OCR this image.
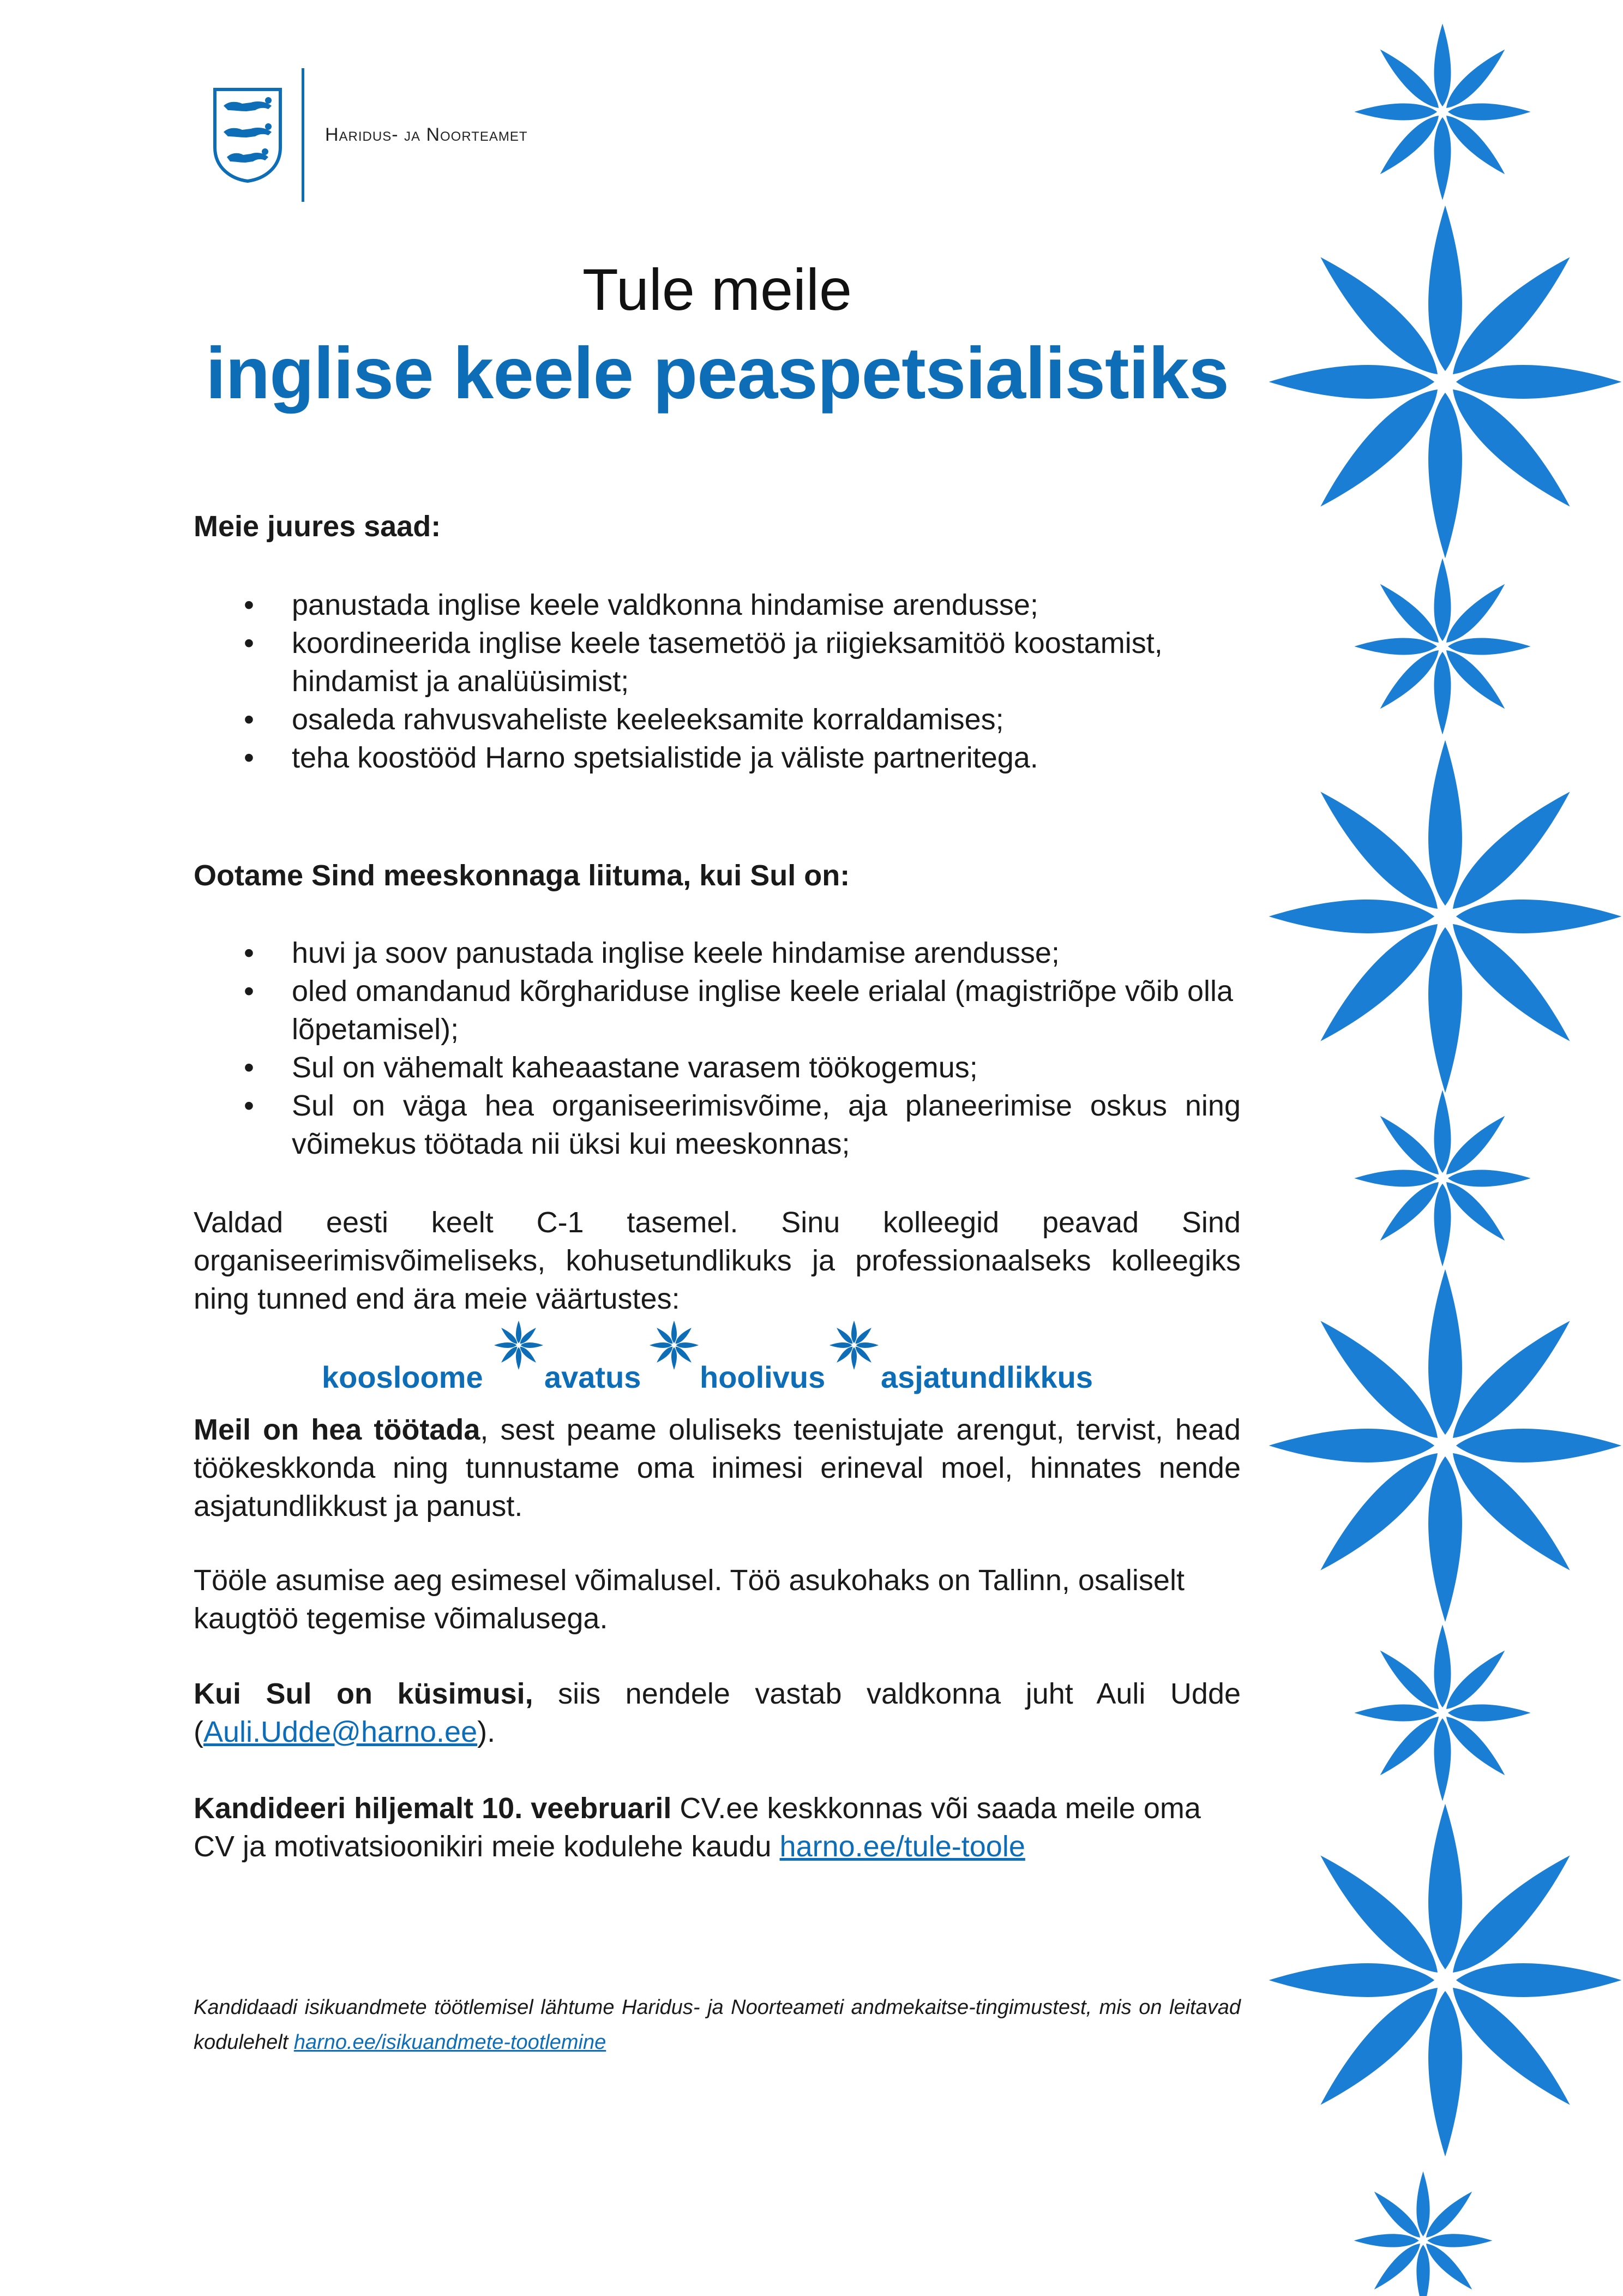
Haridus- ja Noorteamet
Tule meile
inglise keele peaspetsialistiks
Meie juures saad:
• panustada inglise keele valdkonna hindamise arendusse;
• koordineerida inglise keele tasemetöö ja riigieksamitöö koostamist, hindamist ja analüüsimist;
• osaleda rahvusvaheliste keeleeksamite korraldamises;
• teha koostööd Harno spetsialistide ja väliste partneritega.
Ootame Sind meeskonnaga liituma, kui Sul on:
• huvi ja soov panustada inglise keele hindamise arendusse;
• oled omandanud kõrghariduse inglise keele erialal (magistriõpe võib olla lõpetamisel);
• Sul on vähemalt kaheaastane varasem töökogemus;
• Sul on väga hea organiseerimisvõime, aja planeerimise oskus ning võimekus töötada nii üksi kui meeskonnas;
Valdad eesti keelt C-1 tasemel. Sinu kolleegid peavad Sind organiseerimisvõimeliseks, kohusetundlikuks ja professionaalseks kolleegiks ning tunned end ära meie väärtustes:
koosloome avatus hoolivus asjatundlikkus
Meil on hea töötada, sest peame oluliseks teenistujate arengut, tervist, head töökeskkonda ning tunnustame oma inimesi erineval moel, hinnates nende asjatundlikkust ja panust.
Tööle asumise aeg esimesel võimalusel. Töö asukohaks on Tallinn, osaliselt kaugtöö tegemise võimalusega.
Kui Sul on küsimusi, siis nendele vastab valdkonna juht Auli Udde (Auli.Udde@harno.ee).
Kandideeri hiljemalt 10. veebruaril CV.ee keskkonnas või saada meile oma CV ja motivatsioonikiri meie kodulehe kaudu harno.ee/tule-toole
Kandidaadi isikuandmete töötlemisel lähtume Haridus- ja Noorteameti andmekaitse-tingimustest, mis on leitavad kodulehelt harno.ee/isikuandmete-tootlemine
